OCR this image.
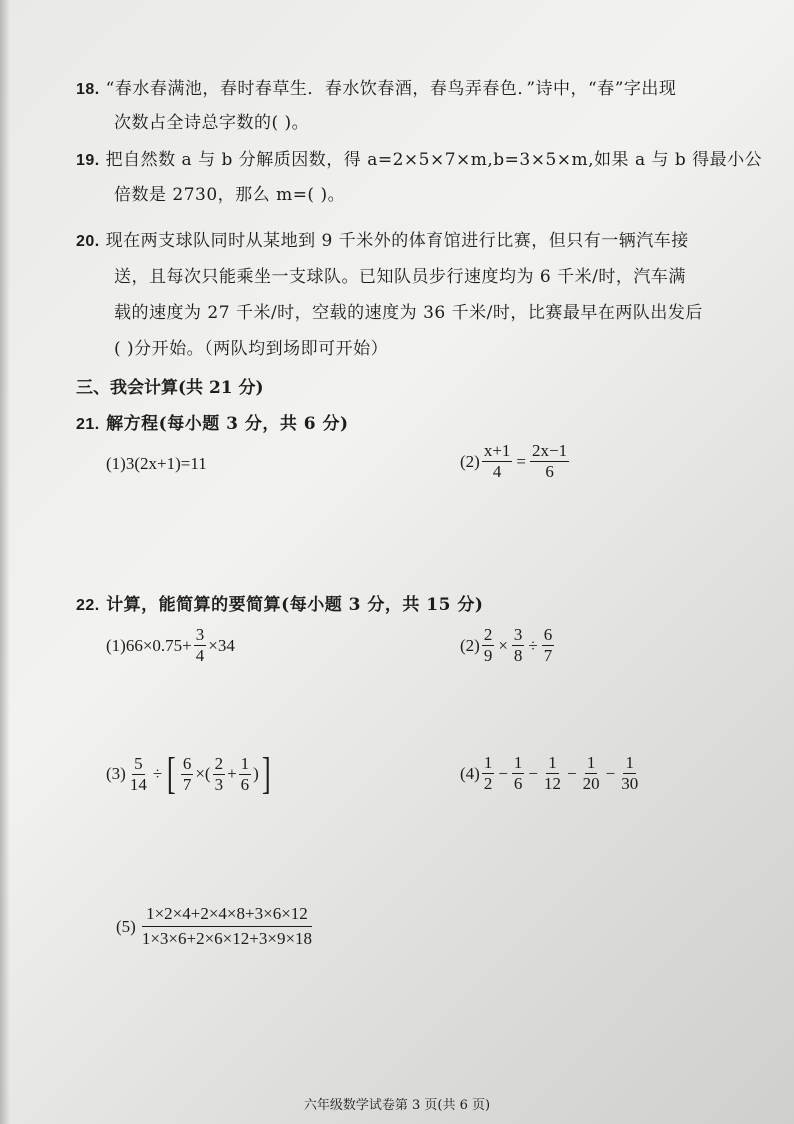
18. “春水春满池，春时春草生．春水饮春酒，春鸟弄春色．”诗中，“春”字出现
次数占全诗总字数的( )。
19. 把自然数 a 与 b 分解质因数，得 a=2×5×7×m,b=3×5×m,如果 a 与 b 得最小公
倍数是 2730，那么 m=( )。
20. 现在两支球队同时从某地到 9 千米外的体育馆进行比赛，但只有一辆汽车接
送，且每次只能乘坐一支球队。已知队员步行速度均为 6 千米/时，汽车满
载的速度为 27 千米/时，空载的速度为 36 千米/时，比赛最早在两队出发后
( )分开始。（两队均到场即可开始）
三、我会计算(共 21 分)
21. 解方程(每小题 3 分，共 6 分)
(1) 3(2x+1)=11	$(2) \frac{x+1}{4} = \frac{2x-1}{6}$
22. 计算，能简算的要简算(每小题 3 分，共 15 分)
(1) $66\times 0.75+ \frac{3}{4} \times 34$	$(2) \frac{2}{9} \times \frac{3}{8} \div \frac{6}{7}$
$(3) \frac{5}{14}$ ÷ [ $\frac{6}{7}$ ×( $\frac{2}{3} + \frac{1}{6}$ ) ]	$(4) \frac{1}{2} - \frac{1}{6} - \frac{1}{12} - \frac{1}{20} - \frac{1}{30}$
$(5) \frac{1\times 2\times 4+2\times 4\times 8+3\times 6\times 12}{1\times 3\times 6+2\times 6\times 12+3\times 9\times 18}$
六年级数学试卷第 3 页(共 6 页)
